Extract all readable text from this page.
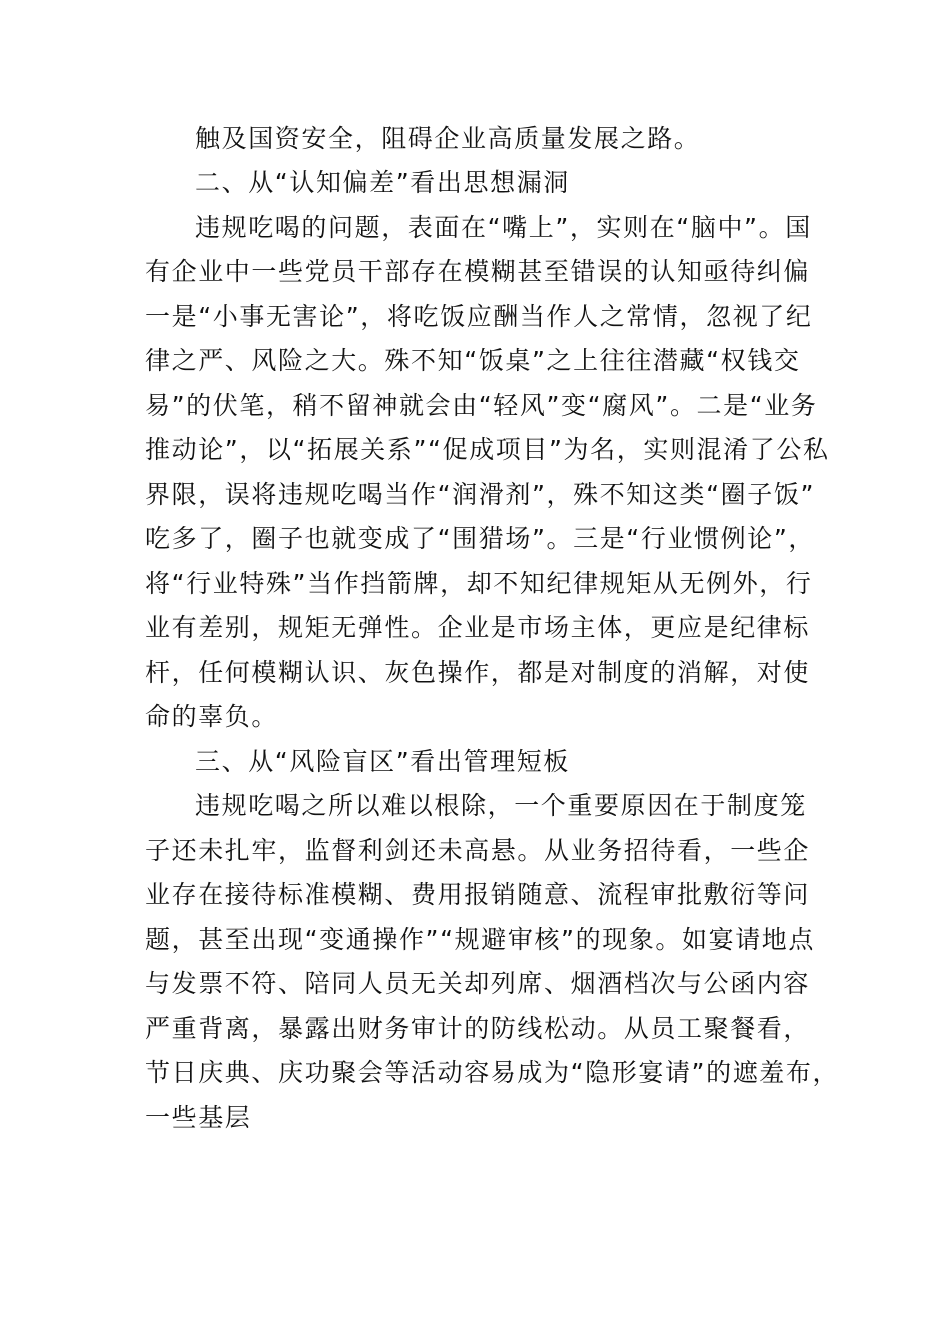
触及国资安全，阻碍企业高质量发展之路。
二、从“认知偏差”看出思想漏洞
违规吃喝的问题，表面在“嘴上”，实则在“脑中”。国
有企业中一些党员干部存在模糊甚至错误的认知亟待纠偏
一是“小事无害论”，将吃饭应酬当作人之常情，忽视了纪
律之严、风险之大。殊不知“饭桌”之上往往潜藏“权钱交
易”的伏笔，稍不留神就会由“轻风”变“腐风”。二是“业务
推动论”，以“拓展关系”“促成项目”为名，实则混淆了公私
界限，误将违规吃喝当作“润滑剂”，殊不知这类“圈子饭”
吃多了，圈子也就变成了“围猎场”。三是“行业惯例论”，
将“行业特殊”当作挡箭牌，却不知纪律规矩从无例外，行
业有差别，规矩无弹性。企业是市场主体，更应是纪律标
杆，任何模糊认识、灰色操作，都是对制度的消解，对使
命的辜负。
三、从“风险盲区”看出管理短板
违规吃喝之所以难以根除，一个重要原因在于制度笼
子还未扎牢，监督利剑还未高悬。从业务招待看，一些企
业存在接待标准模糊、费用报销随意、流程审批敷衍等问
题，甚至出现“变通操作”“规避审核”的现象。如宴请地点
与发票不符、陪同人员无关却列席、烟酒档次与公函内容
严重背离，暴露出财务审计的防线松动。从员工聚餐看，
节日庆典、庆功聚会等活动容易成为“隐形宴请”的遮羞布，
一些基层
